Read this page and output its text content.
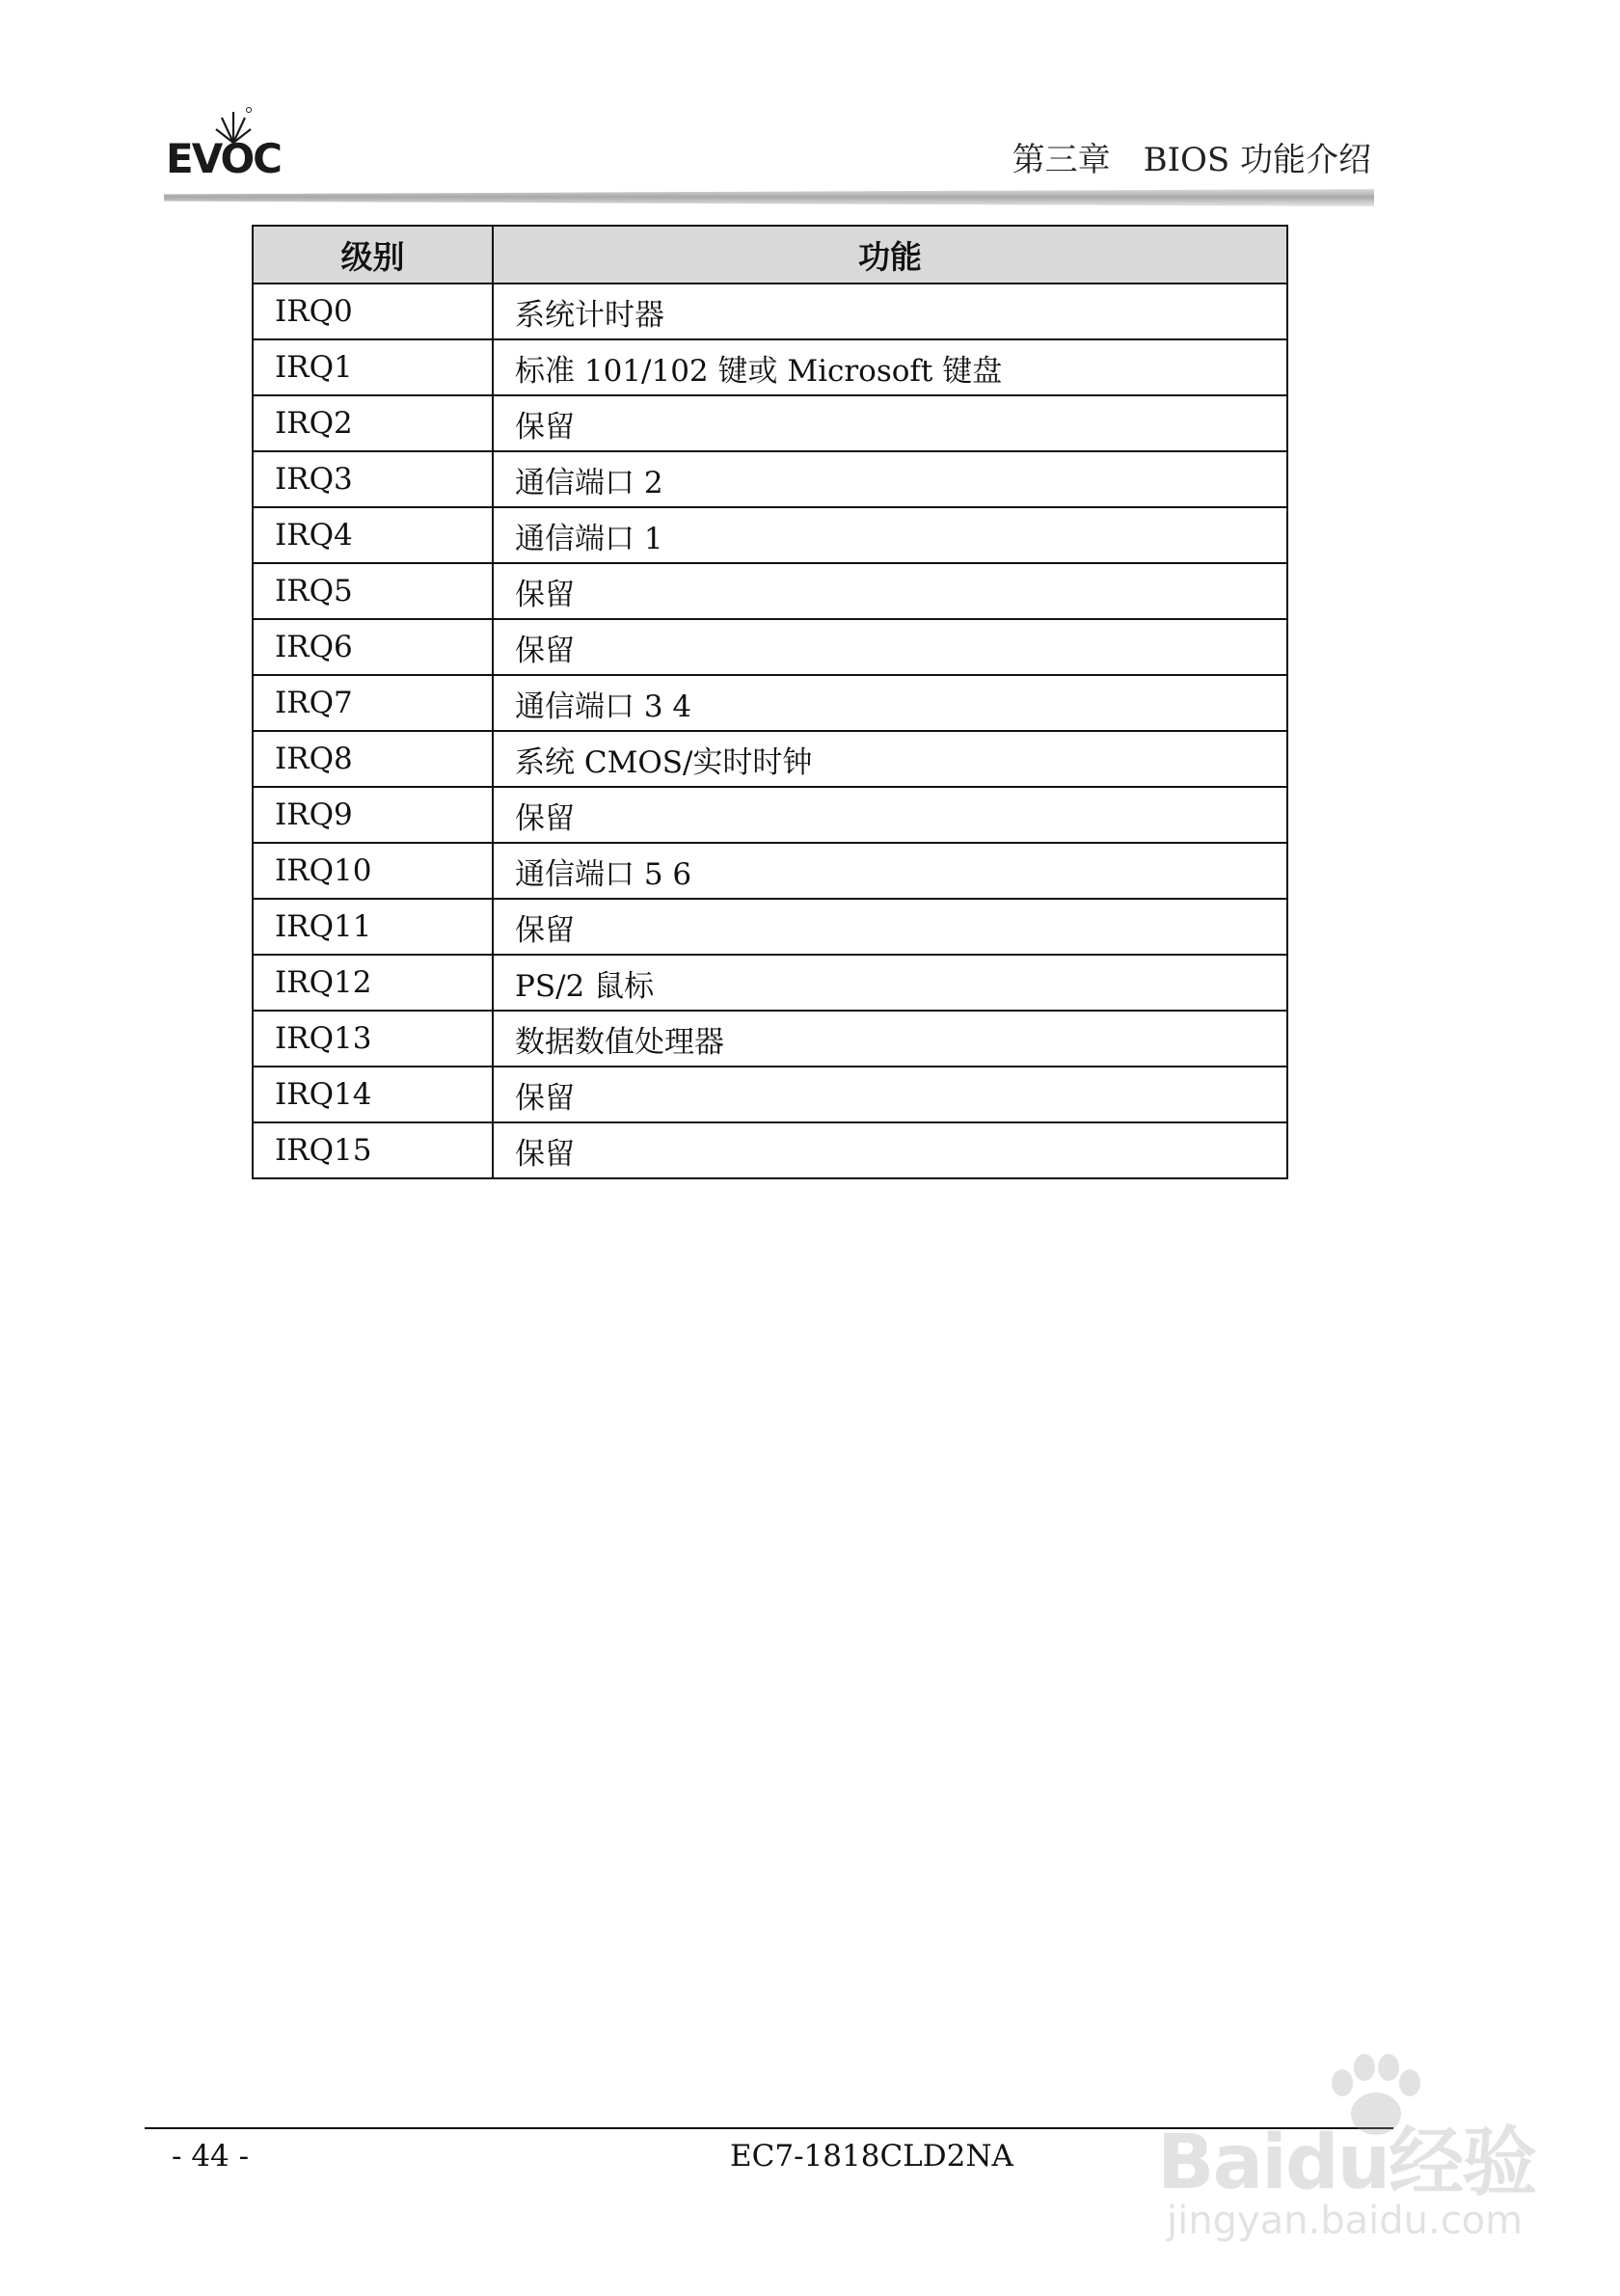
EVOC	第三章　BIOS 功能介绍
级别	功能
IRQ0	系统计时器
IRQ1	标准 101/102 键或 Microsoft 键盘
IRQ2	保留
IRQ3	通信端口 2
IRQ4	通信端口 1
IRQ5	保留
IRQ6	保留
IRQ7	通信端口 3 4
IRQ8	系统 CMOS/实时时钟
IRQ9	保留
IRQ10	通信端口 5 6
IRQ11	保留
IRQ12	PS/2 鼠标
IRQ13	数据数值处理器
IRQ14	保留
IRQ15	保留
- 44 -	EC7-1818CLD2NA Baidu经验
jingyan.baidu.com
